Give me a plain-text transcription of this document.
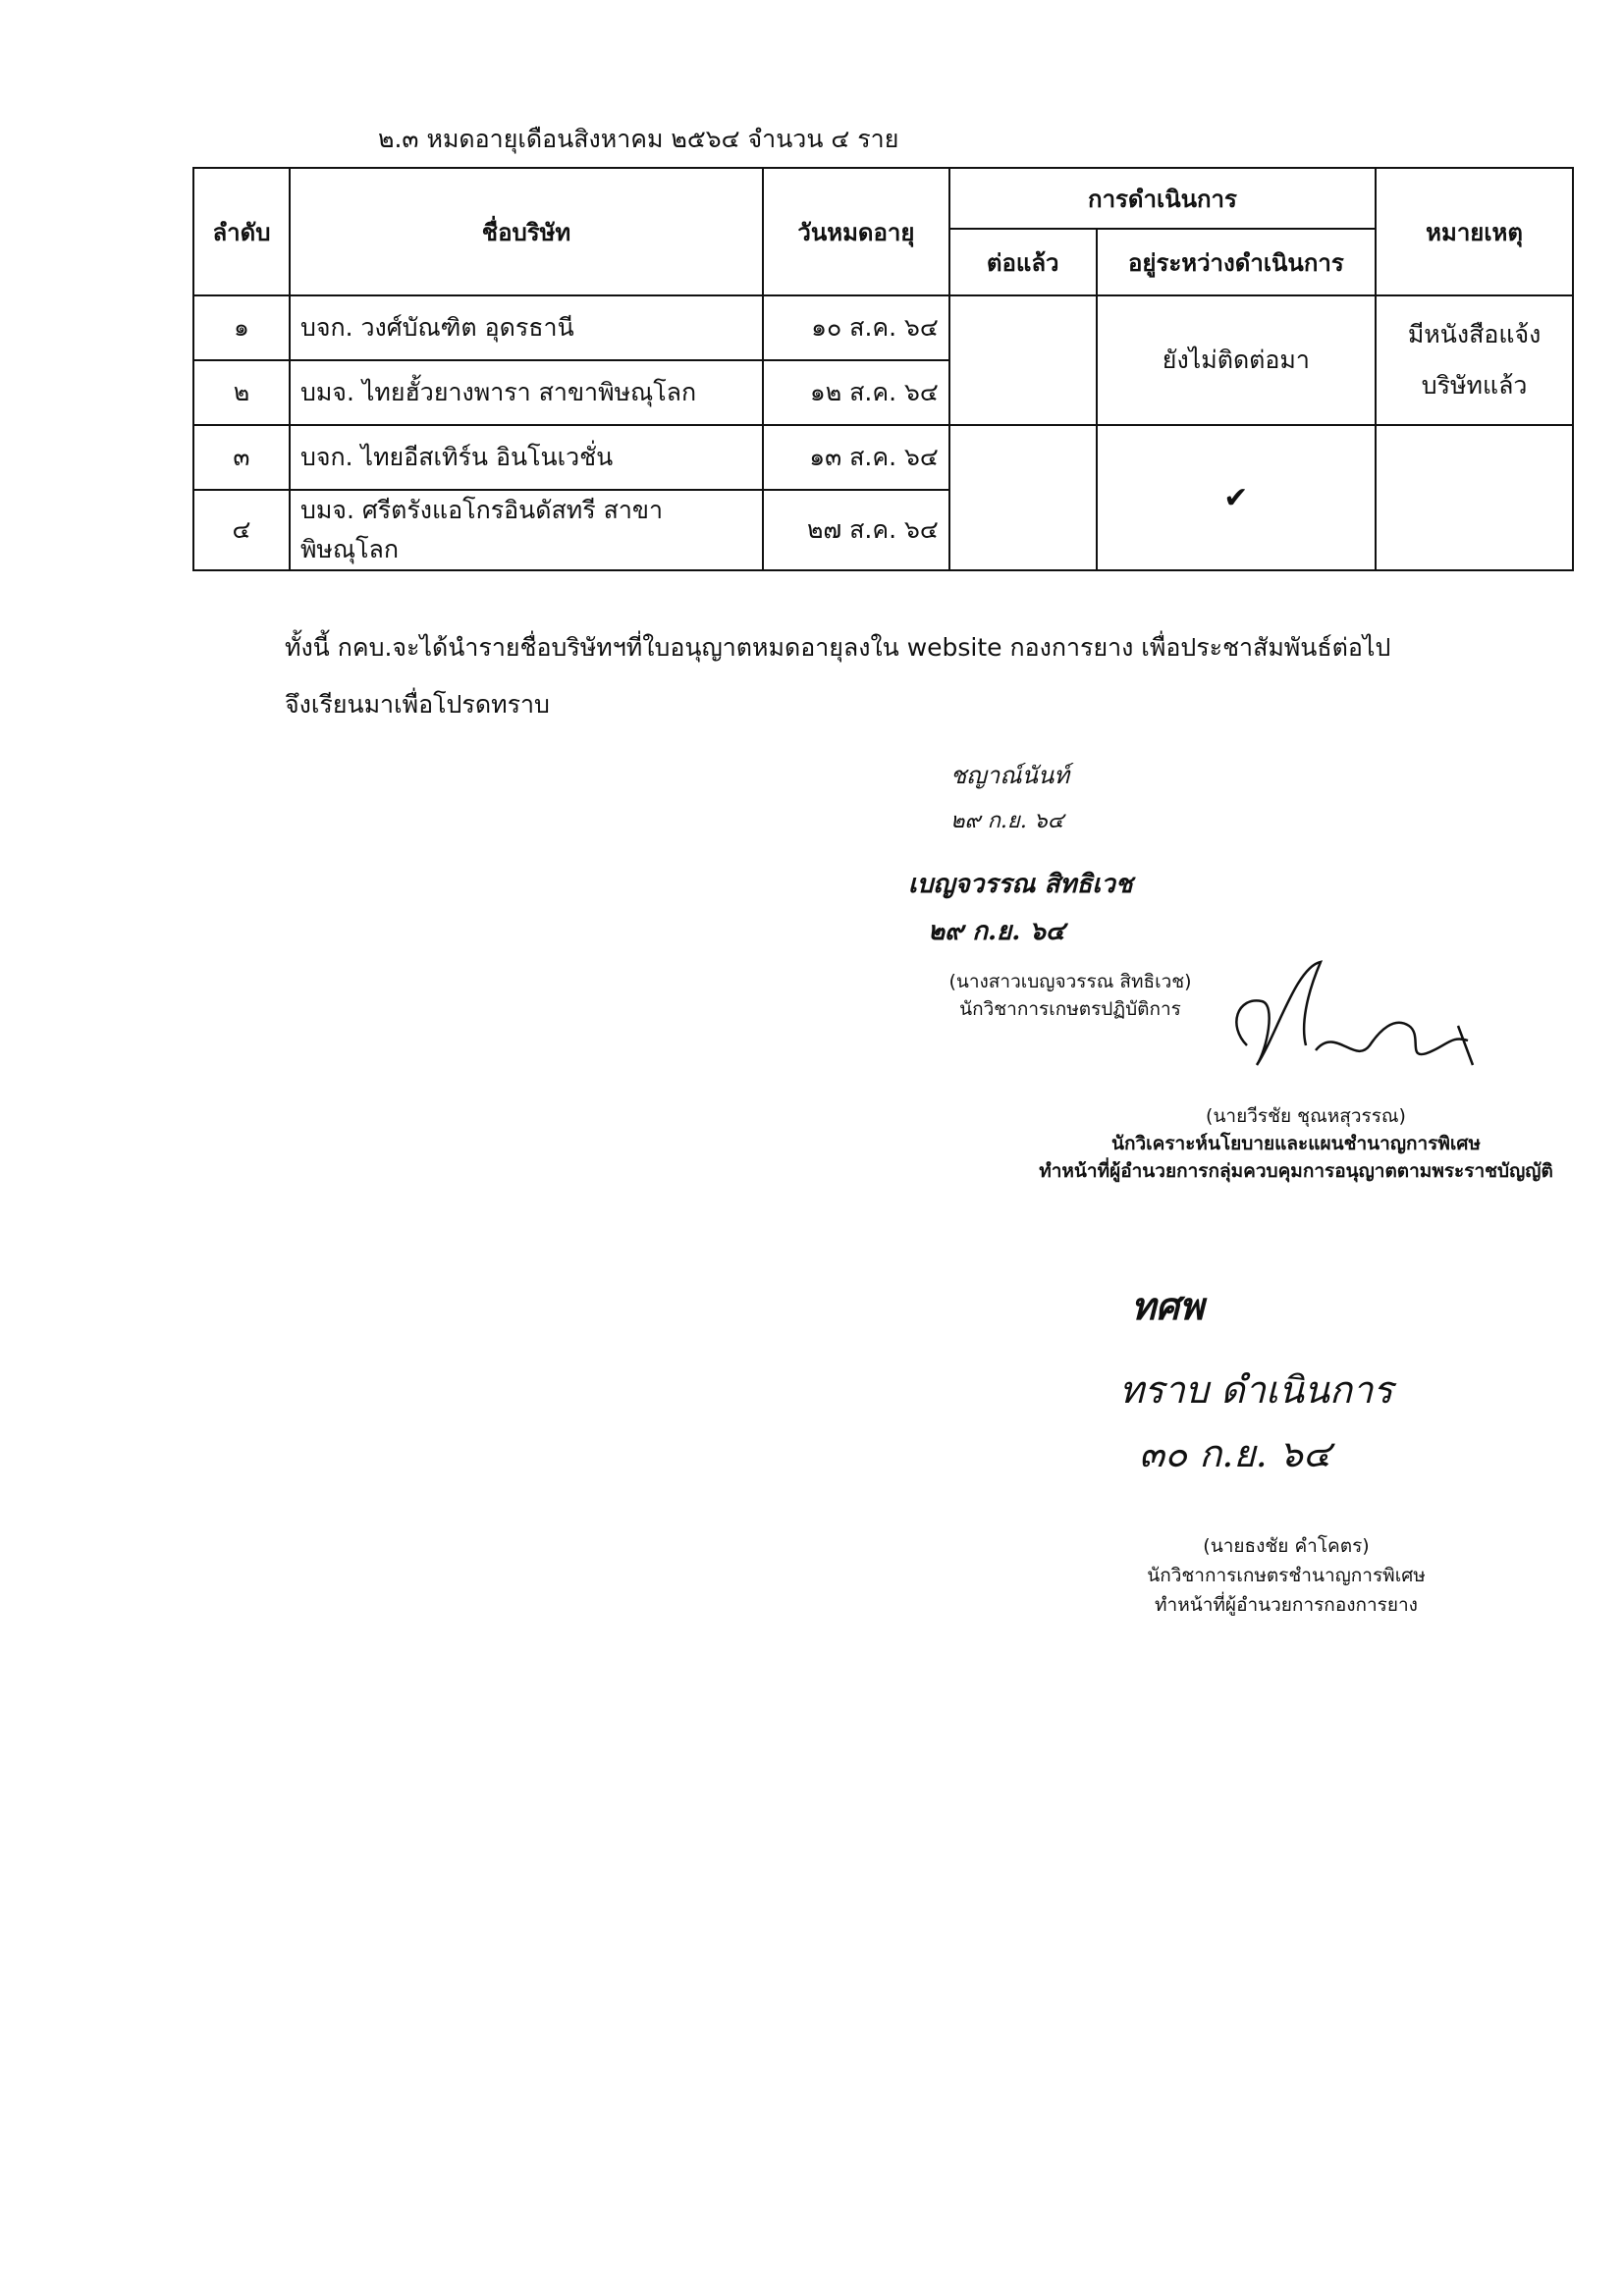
๒.๓ หมดอายุเดือนสิงหาคม ๒๕๖๔ จำนวน ๔ ราย
ลำดับ	ชื่อบริษัท	วันหมดอายุ	การดำเนินการ		หมายเหตุ
			ต่อแล้ว	อยู่ระหว่างดำเนินการ	
๑	บจก. วงศ์บัณฑิต อุดรธานี	๑๐ ส.ค. ๖๔		ยังไม่ติดต่อมา	มีหนังสือแจ้ง
บริษัทแล้ว

๒	บมจ. ไทยฮั้วยางพารา สาขาพิษณุโลก	๑๒ ส.ค. ๖๔			
๓	บจก. ไทยอีสเทิร์น อินโนเวชั่น	๑๓ ส.ค. ๖๔		✔	
๔	บมจ. ศรีตรังแอโกรอินดัสทรี สาขาพิษณุโลก	๒๗ ส.ค. ๖๔			
ทั้งนี้ กคบ.จะได้นำรายชื่อบริษัทฯที่ใบอนุญาตหมดอายุลงใน website กองการยาง เพื่อประชาสัมพันธ์ต่อไป
จึงเรียนมาเพื่อโปรดทราบ
ชญาณ์นันท์
๒๙ ก.ย. ๖๔
เบญจวรรณ สิทธิเวช
๒๙ ก.ย. ๖๔
(นางสาวเบญจวรรณ สิทธิเวช)
นักวิชาการเกษตรปฏิบัติการ
(นายวีรชัย ชุณหสุวรรณ)
นักวิเคราะห์นโยบายและแผนชำนาญการพิเศษ
ทำหน้าที่ผู้อำนวยการกลุ่มควบคุมการอนุญาตตามพระราชบัญญัติ
ทศพ
ทราบ ดำเนินการ
๓๐ ก.ย. ๖๔
(นายธงชัย คำโคตร)
นักวิชาการเกษตรชำนาญการพิเศษ
ทำหน้าที่ผู้อำนวยการกองการยาง
